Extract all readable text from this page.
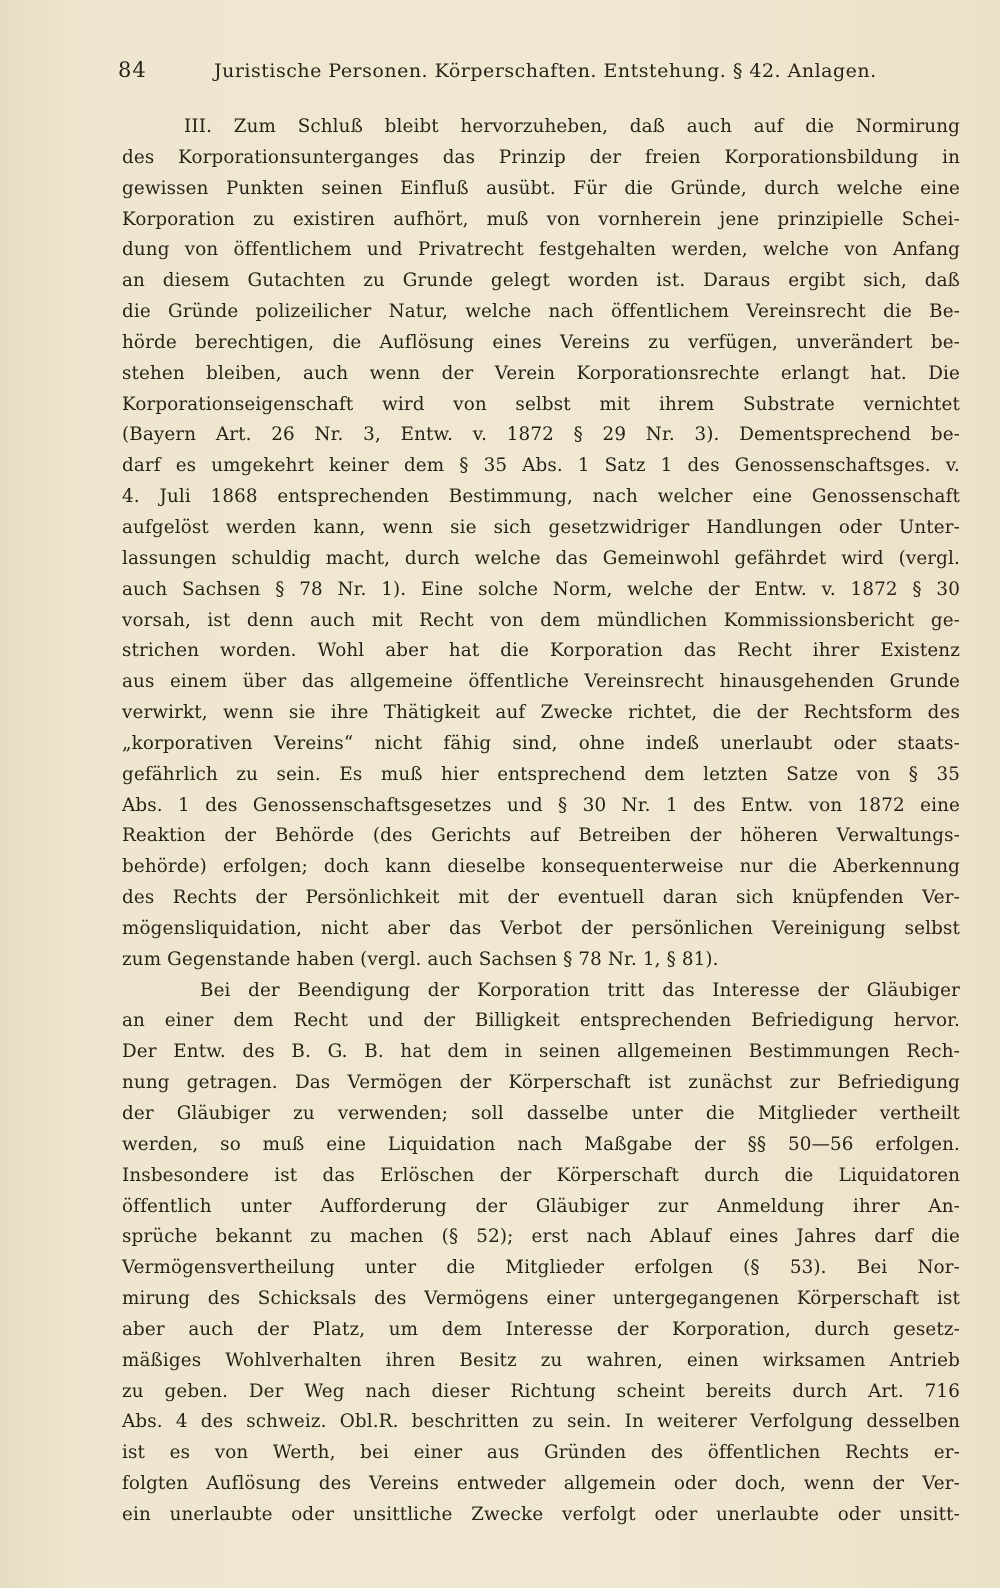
84	Juristische Personen. Körperschaften. Entstehung. § 42. Anlagen.
III. Zum Schluß bleibt hervorzuheben, daß auch auf die Normirung
des Korporationsunterganges das Prinzip der freien Korporationsbildung in
gewissen Punkten seinen Einfluß ausübt. Für die Gründe, durch welche eine
Korporation zu existiren aufhört, muß von vornherein jene prinzipielle Schei-
dung von öffentlichem und Privatrecht festgehalten werden, welche von Anfang
an diesem Gutachten zu Grunde gelegt worden ist. Daraus ergibt sich, daß
die Gründe polizeilicher Natur, welche nach öffentlichem Vereinsrecht die Be-
hörde berechtigen, die Auflösung eines Vereins zu verfügen, unverändert be-
stehen bleiben, auch wenn der Verein Korporationsrechte erlangt hat. Die
Korporationseigenschaft wird von selbst mit ihrem Substrate vernichtet
(Bayern Art. 26 Nr. 3, Entw. v. 1872 § 29 Nr. 3). Dementsprechend be-
darf es umgekehrt keiner dem § 35 Abs. 1 Satz 1 des Genossenschaftsges. v.
4. Juli 1868 entsprechenden Bestimmung, nach welcher eine Genossenschaft
aufgelöst werden kann, wenn sie sich gesetzwidriger Handlungen oder Unter-
lassungen schuldig macht, durch welche das Gemeinwohl gefährdet wird (vergl.
auch Sachsen § 78 Nr. 1). Eine solche Norm, welche der Entw. v. 1872 § 30
vorsah, ist denn auch mit Recht von dem mündlichen Kommissionsbericht ge-
strichen worden. Wohl aber hat die Korporation das Recht ihrer Existenz
aus einem über das allgemeine öffentliche Vereinsrecht hinausgehenden Grunde
verwirkt, wenn sie ihre Thätigkeit auf Zwecke richtet, die der Rechtsform des
„korporativen Vereins“ nicht fähig sind, ohne indeß unerlaubt oder staats-
gefährlich zu sein. Es muß hier entsprechend dem letzten Satze von § 35
Abs. 1 des Genossenschaftsgesetzes und § 30 Nr. 1 des Entw. von 1872 eine
Reaktion der Behörde (des Gerichts auf Betreiben der höheren Verwaltungs-
behörde) erfolgen; doch kann dieselbe konsequenterweise nur die Aberkennung
des Rechts der Persönlichkeit mit der eventuell daran sich knüpfenden Ver-
mögensliquidation, nicht aber das Verbot der persönlichen Vereinigung selbst
zum Gegenstande haben (vergl. auch Sachsen § 78 Nr. 1, § 81).
Bei der Beendigung der Korporation tritt das Interesse der Gläubiger
an einer dem Recht und der Billigkeit entsprechenden Befriedigung hervor.
Der Entw. des B. G. B. hat dem in seinen allgemeinen Bestimmungen Rech-
nung getragen. Das Vermögen der Körperschaft ist zunächst zur Befriedigung
der Gläubiger zu verwenden; soll dasselbe unter die Mitglieder vertheilt
werden, so muß eine Liquidation nach Maßgabe der §§ 50—56 erfolgen.
Insbesondere ist das Erlöschen der Körperschaft durch die Liquidatoren
öffentlich unter Aufforderung der Gläubiger zur Anmeldung ihrer An-
sprüche bekannt zu machen (§ 52); erst nach Ablauf eines Jahres darf die
Vermögensvertheilung unter die Mitglieder erfolgen (§ 53). Bei Nor-
mirung des Schicksals des Vermögens einer untergegangenen Körperschaft ist
aber auch der Platz, um dem Interesse der Korporation, durch gesetz-
mäßiges Wohlverhalten ihren Besitz zu wahren, einen wirksamen Antrieb
zu geben. Der Weg nach dieser Richtung scheint bereits durch Art. 716
Abs. 4 des schweiz. Obl.R. beschritten zu sein. In weiterer Verfolgung desselben
ist es von Werth, bei einer aus Gründen des öffentlichen Rechts er-
folgten Auflösung des Vereins entweder allgemein oder doch, wenn der Ver-
ein unerlaubte oder unsittliche Zwecke verfolgt oder unerlaubte oder unsitt-
